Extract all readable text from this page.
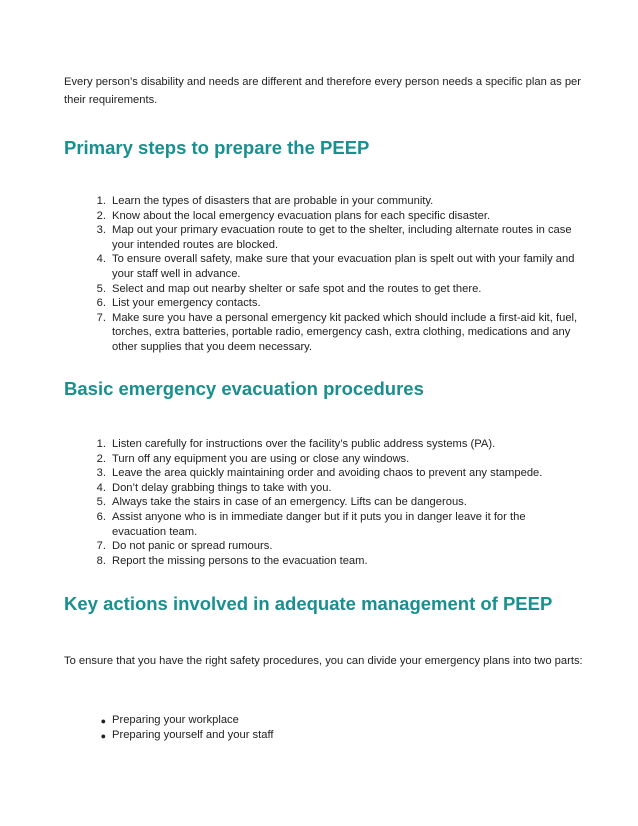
Every person’s disability and needs are different and therefore every person needs a specific plan as per their requirements.

Primary steps to prepare the PEEP
1. Learn the types of disasters that are probable in your community.
2. Know about the local emergency evacuation plans for each specific disaster.
3. Map out your primary evacuation route to get to the shelter, including alternate routes in case your intended routes are blocked.
4. To ensure overall safety, make sure that your evacuation plan is spelt out with your family and your staff well in advance.
5. Select and map out nearby shelter or safe spot and the routes to get there.
6. List your emergency contacts.
7. Make sure you have a personal emergency kit packed which should include a first-aid kit, fuel, torches, extra batteries, portable radio, emergency cash, extra clothing, medications and any other supplies that you deem necessary.
Basic emergency evacuation procedures
1. Listen carefully for instructions over the facility’s public address systems (PA).
2. Turn off any equipment you are using or close any windows.
3. Leave the area quickly maintaining order and avoiding chaos to prevent any stampede.
4. Don’t delay grabbing things to take with you.
5. Always take the stairs in case of an emergency. Lifts can be dangerous.
6. Assist anyone who is in immediate danger but if it puts you in danger leave it for the evacuation team.
7. Do not panic or spread rumours.
8. Report the missing persons to the evacuation team.
Key actions involved in adequate management of PEEP

To ensure that you have the right safety procedures, you can divide your emergency plans into two parts:

● Preparing your workplace
● Preparing yourself and your staff
